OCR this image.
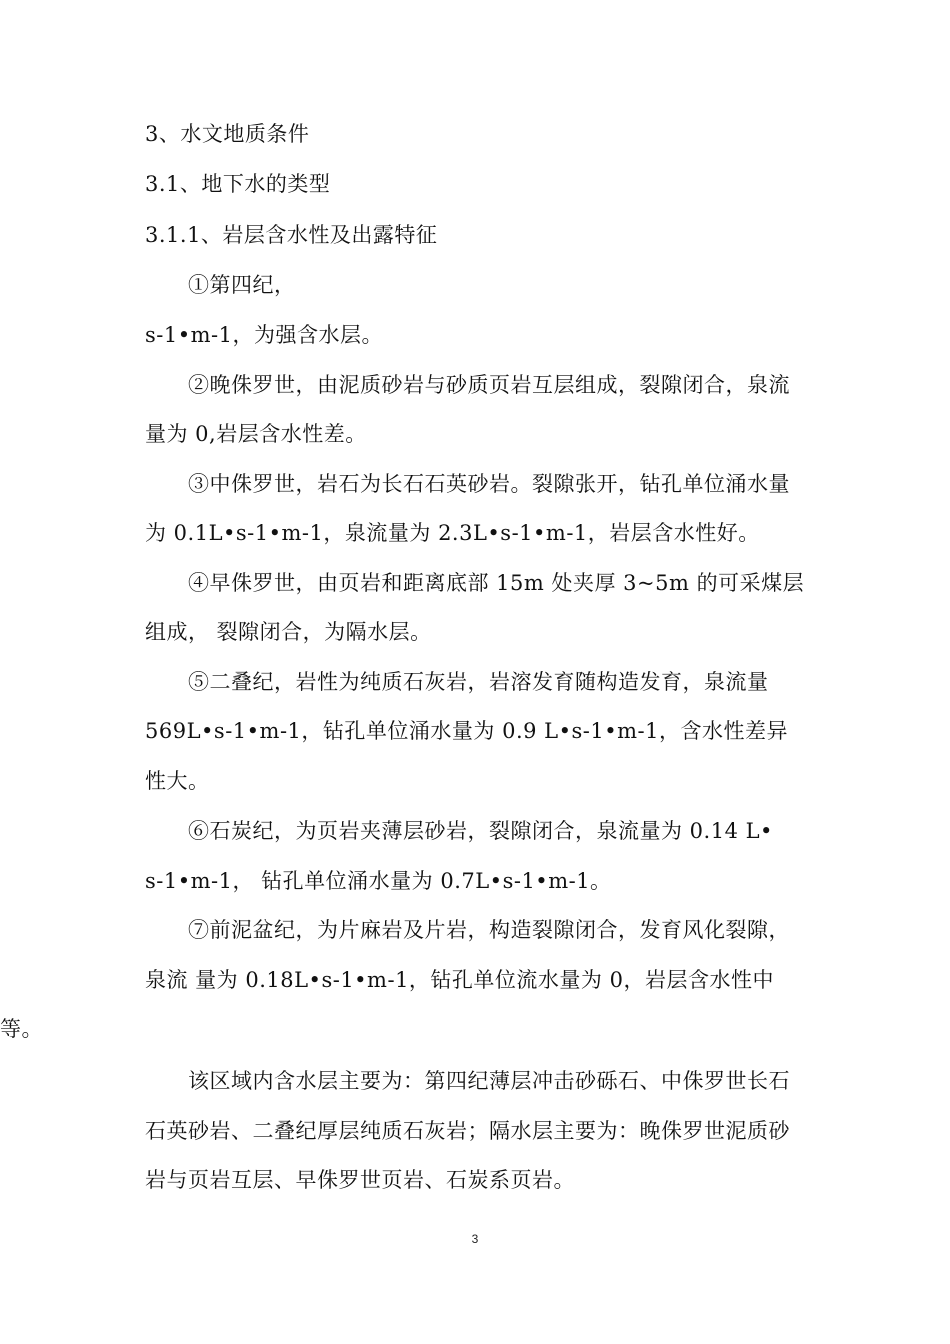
3、水文地质条件
3.1、地下水的类型
3.1.1、岩层含水性及出露特征
①第四纪，
s-1•m-1，为强含水层。
②晚侏罗世，由泥质砂岩与砂质页岩互层组成，裂隙闭合，泉流
量为 0,岩层含水性差。
③中侏罗世，岩石为长石石英砂岩。裂隙张开，钻孔单位涌水量
为 0.1L•s-1•m-1，泉流量为 2.3L•s-1•m-1，岩层含水性好。
④早侏罗世，由页岩和距离底部 15m 处夹厚 3~5m 的可采煤层
组成， 裂隙闭合，为隔水层。
⑤二叠纪，岩性为纯质石灰岩，岩溶发育随构造发育，泉流量
569L•s-1•m-1，钻孔单位涌水量为 0.9 L•s-1•m-1，含水性差异
性大。
⑥石炭纪，为页岩夹薄层砂岩，裂隙闭合，泉流量为 0.14 L•
s-1•m-1， 钻孔单位涌水量为 0.7L•s-1•m-1。
⑦前泥盆纪，为片麻岩及片岩，构造裂隙闭合，发育风化裂隙，
泉流 量为 0.18L•s-1•m-1，钻孔单位流水量为 0，岩层含水性中
等。
该区域内含水层主要为：第四纪薄层冲击砂砾石、中侏罗世长石
石英砂岩、二叠纪厚层纯质石灰岩；隔水层主要为：晚侏罗世泥质砂
岩与页岩互层、早侏罗世页岩、石炭系页岩。
3
